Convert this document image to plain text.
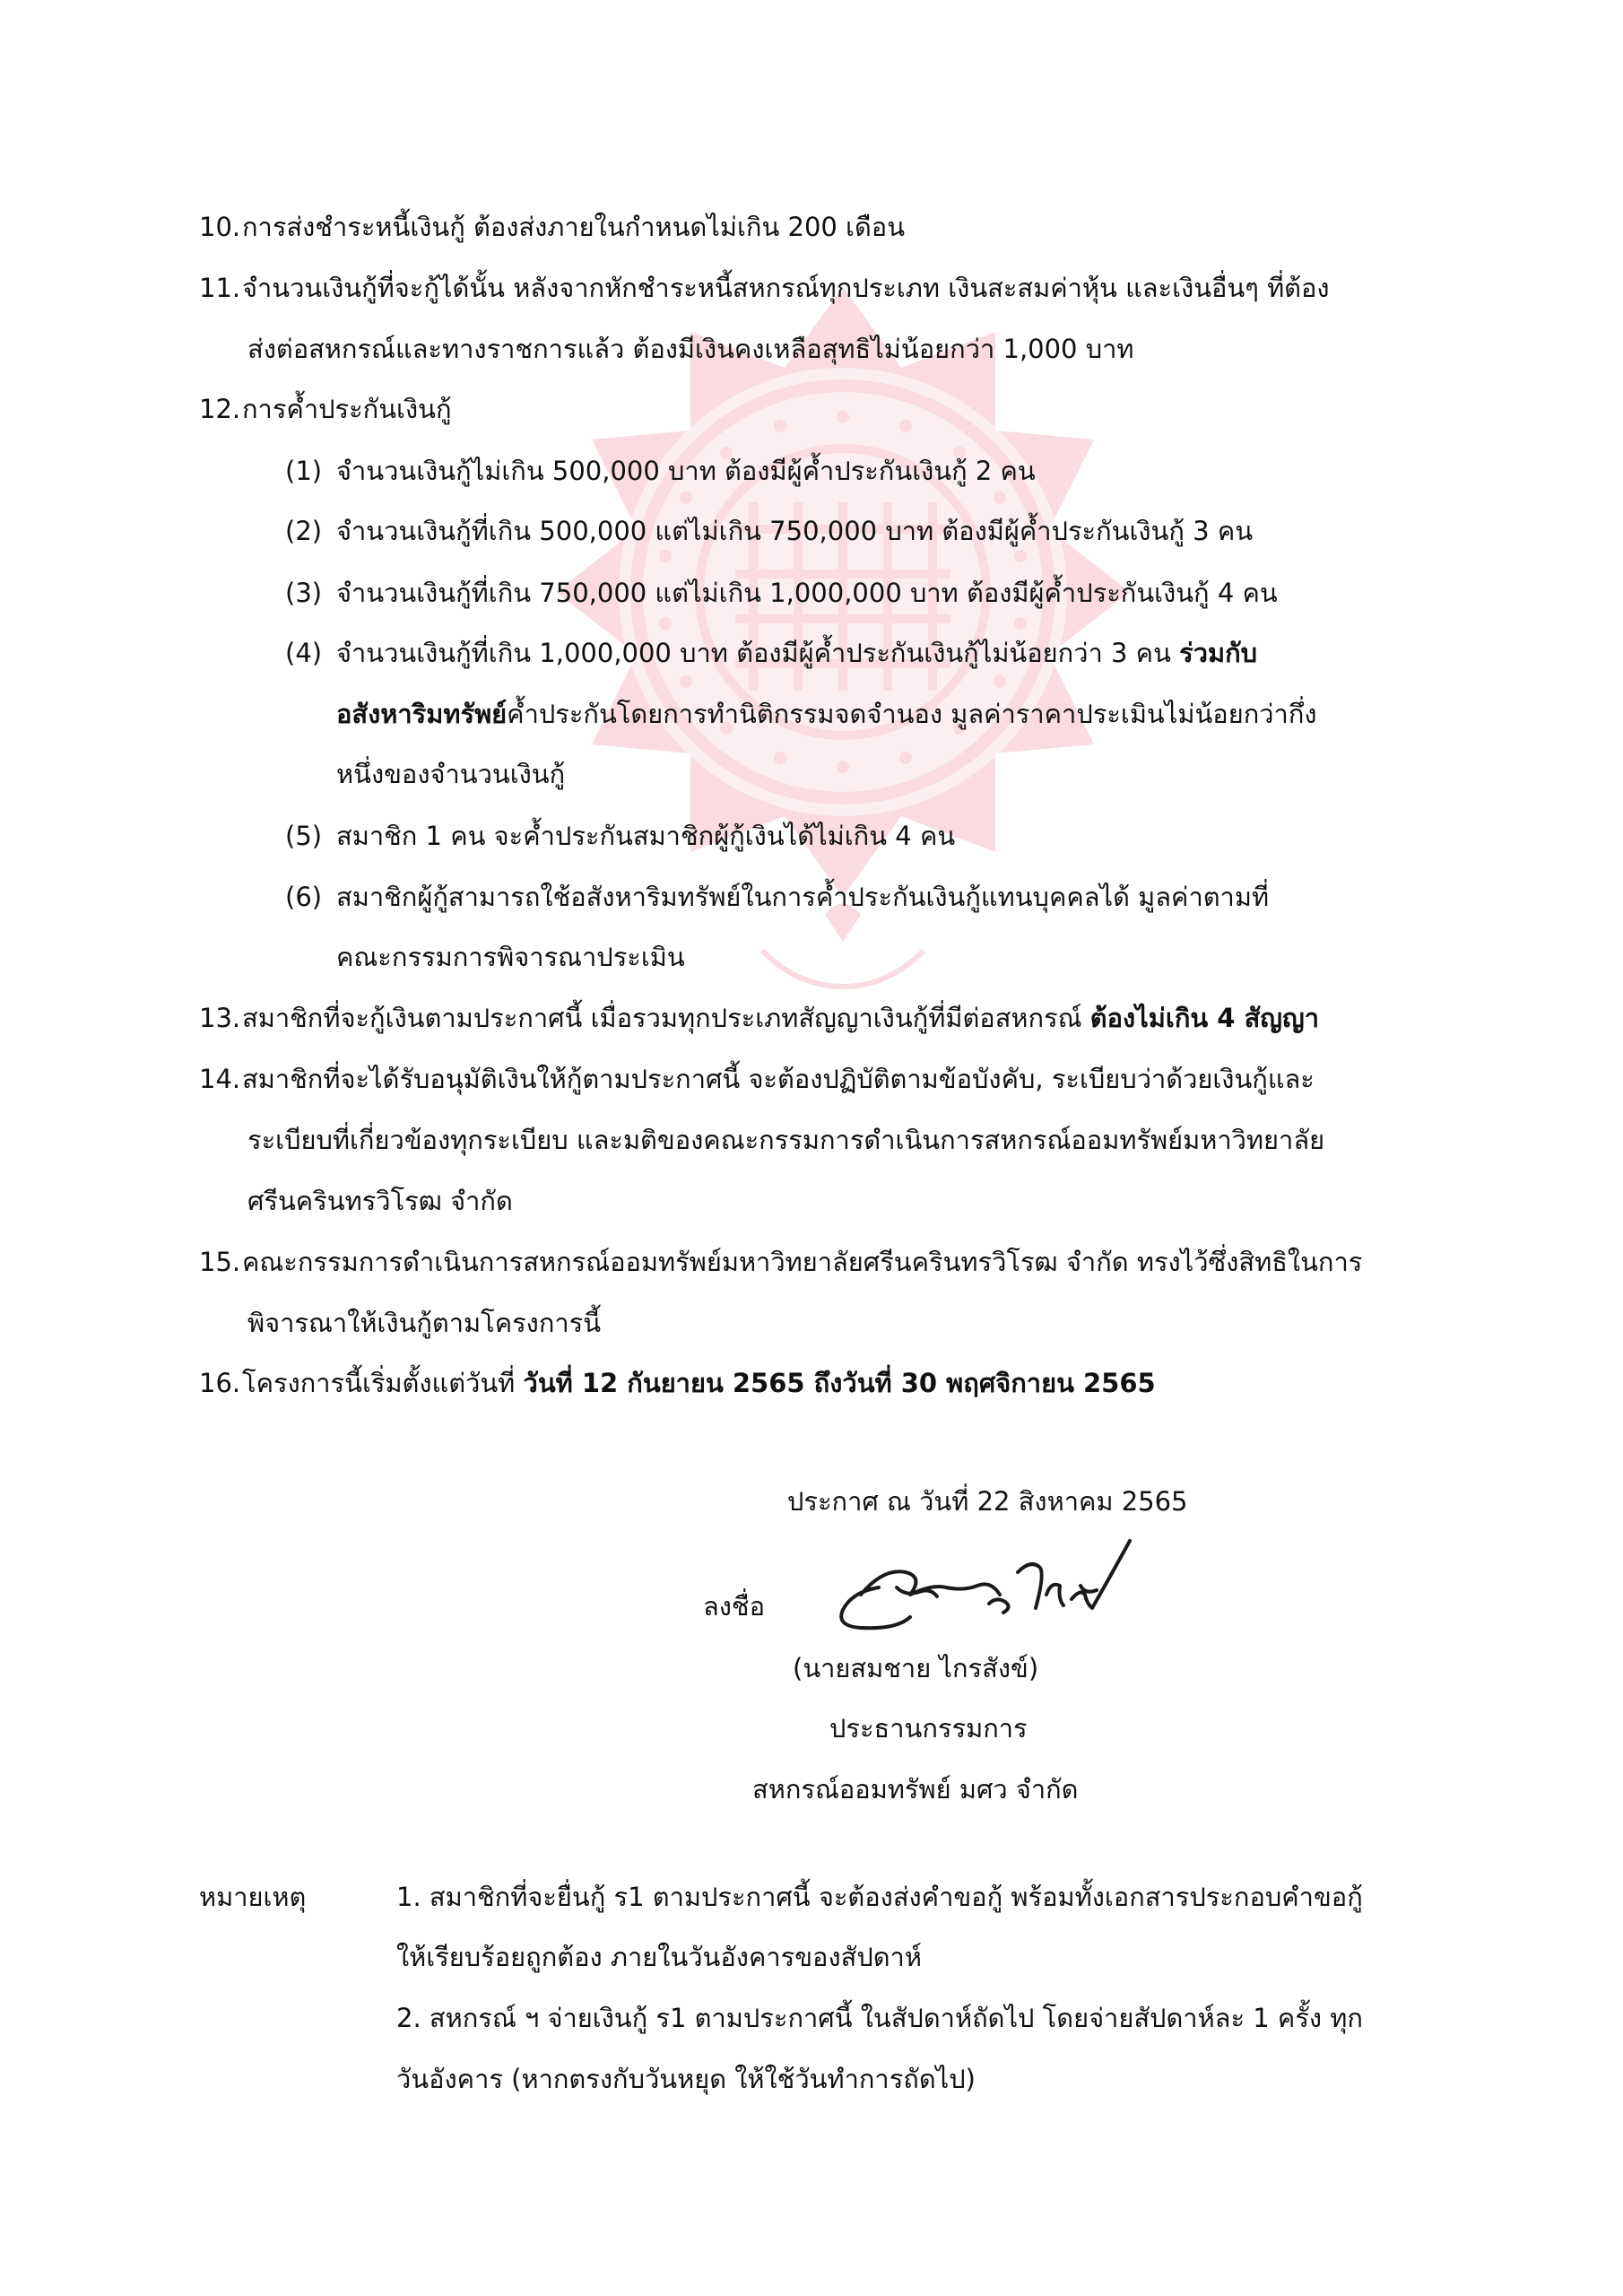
10. การส่งชำระหนี้เงินกู้ ต้องส่งภายในกำหนดไม่เกิน 200 เดือน
11. จำนวนเงินกู้ที่จะกู้ได้นั้น หลังจากหักชำระหนี้สหกรณ์ทุกประเภท เงินสะสมค่าหุ้น และเงินอื่นๆ ที่ต้อง
ส่งต่อสหกรณ์และทางราชการแล้ว ต้องมีเงินคงเหลือสุทธิไม่น้อยกว่า 1,000 บาท
12. การค้ำประกันเงินกู้
(1) จำนวนเงินกู้ไม่เกิน 500,000 บาท ต้องมีผู้ค้ำประกันเงินกู้ 2 คน
(2) จำนวนเงินกู้ที่เกิน 500,000 แต่ไม่เกิน 750,000 บาท ต้องมีผู้ค้ำประกันเงินกู้ 3 คน
(3) จำนวนเงินกู้ที่เกิน 750,000 แต่ไม่เกิน 1,000,000 บาท ต้องมีผู้ค้ำประกันเงินกู้ 4 คน
(4) จำนวนเงินกู้ที่เกิน 1,000,000 บาท ต้องมีผู้ค้ำประกันเงินกู้ไม่น้อยกว่า 3 คน ร่วมกับ
อสังหาริมทรัพย์ค้ำประกันโดยการทำนิติกรรมจดจำนอง มูลค่าราคาประเมินไม่น้อยกว่ากึ่ง
หนึ่งของจำนวนเงินกู้
(5) สมาชิก 1 คน จะค้ำประกันสมาชิกผู้กู้เงินได้ไม่เกิน 4 คน
(6) สมาชิกผู้กู้สามารถใช้อสังหาริมทรัพย์ในการค้ำประกันเงินกู้แทนบุคคลได้ มูลค่าตามที่
คณะกรรมการพิจารณาประเมิน
13. สมาชิกที่จะกู้เงินตามประกาศนี้ เมื่อรวมทุกประเภทสัญญาเงินกู้ที่มีต่อสหกรณ์ ต้องไม่เกิน 4 สัญญา
14. สมาชิกที่จะได้รับอนุมัติเงินให้กู้ตามประกาศนี้ จะต้องปฏิบัติตามข้อบังคับ, ระเบียบว่าด้วยเงินกู้และ
ระเบียบที่เกี่ยวข้องทุกระเบียบ และมติของคณะกรรมการดำเนินการสหกรณ์ออมทรัพย์มหาวิทยาลัย
ศรีนครินทรวิโรฒ จำกัด
15. คณะกรรมการดำเนินการสหกรณ์ออมทรัพย์มหาวิทยาลัยศรีนครินทรวิโรฒ จำกัด ทรงไว้ซึ่งสิทธิในการ
พิจารณาให้เงินกู้ตามโครงการนี้
16. โครงการนี้เริ่มตั้งแต่วันที่ วันที่ 12 กันยายน 2565 ถึงวันที่ 30 พฤศจิกายน 2565
ประกาศ ณ วันที่ 22 สิงหาคม 2565
ลงชื่อ
(นายสมชาย ไกรสังข์)
ประธานกรรมการ
สหกรณ์ออมทรัพย์ มศว จำกัด
หมายเหตุ	1. สมาชิกที่จะยื่นกู้ ร1 ตามประกาศนี้ จะต้องส่งคำขอกู้ พร้อมทั้งเอกสารประกอบคำขอกู้
ให้เรียบร้อยถูกต้อง ภายในวันอังคารของสัปดาห์
2. สหกรณ์ ฯ จ่ายเงินกู้ ร1 ตามประกาศนี้ ในสัปดาห์ถัดไป โดยจ่ายสัปดาห์ละ 1 ครั้ง ทุก
วันอังคาร (หากตรงกับวันหยุด ให้ใช้วันทำการถัดไป)
